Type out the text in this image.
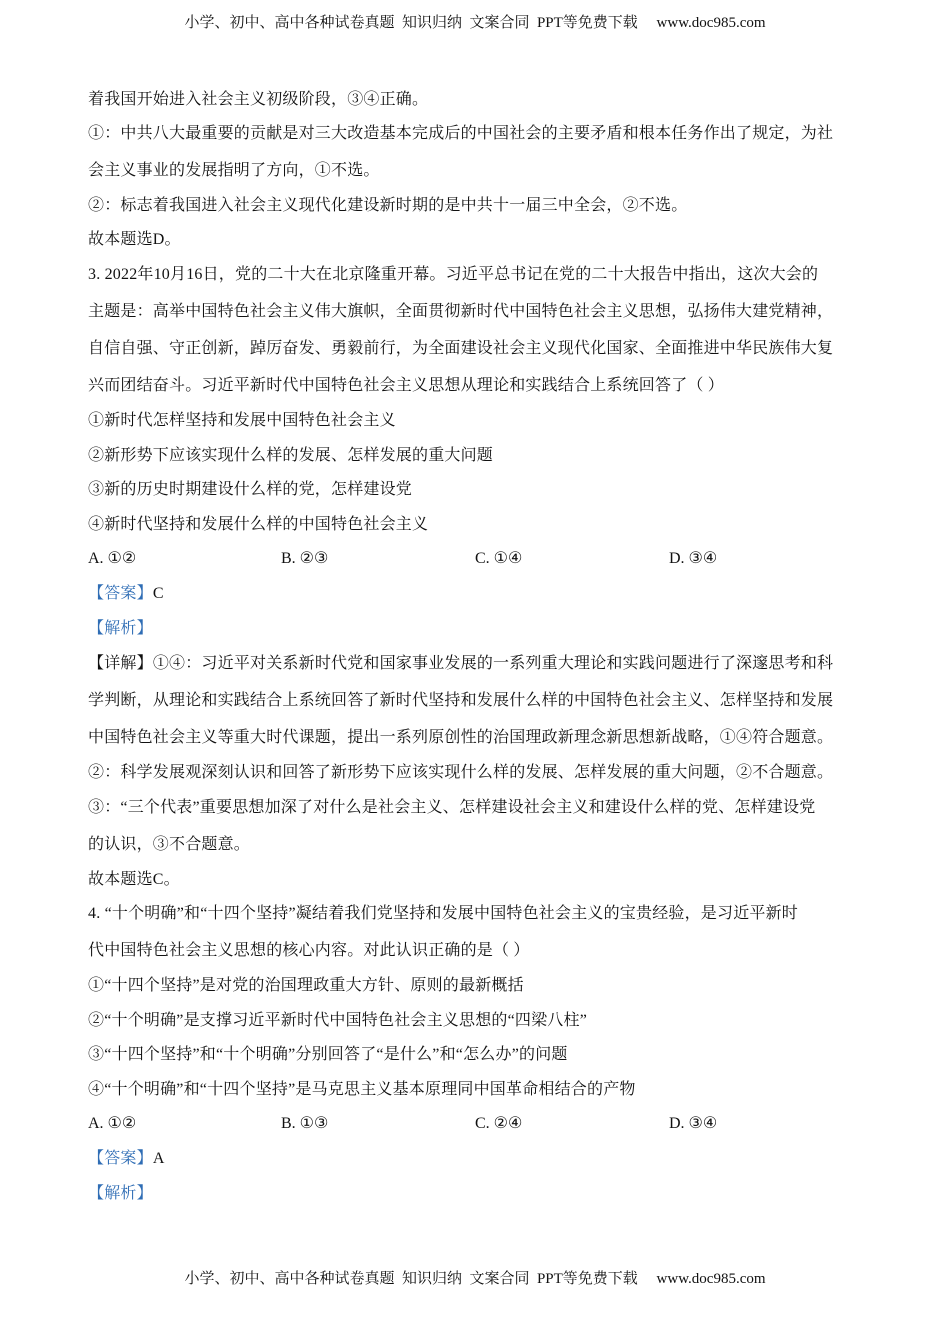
小学、初中、高中各种试卷真题  知识归纳  文案合同  PPT等免费下载     www.doc985.com
着我国开始进入社会主义初级阶段，③④正确。
①：中共八大最重要的贡献是对三大改造基本完成后的中国社会的主要矛盾和根本任务作出了规定，为社
会主义事业的发展指明了方向，①不选。
②：标志着我国进入社会主义现代化建设新时期的是中共十一届三中全会，②不选。
故本题选D。
3. 2022年10月16日，党的二十大在北京隆重开幕。习近平总书记在党的二十大报告中指出，这次大会的
主题是：高举中国特色社会主义伟大旗帜，全面贯彻新时代中国特色社会主义思想，弘扬伟大建党精神，
自信自强、守正创新，踔厉奋发、勇毅前行，为全面建设社会主义现代化国家、全面推进中华民族伟大复
兴而团结奋斗。习近平新时代中国特色社会主义思想从理论和实践结合上系统回答了（ ）
①新时代怎样坚持和发展中国特色社会主义
②新形势下应该实现什么样的发展、怎样发展的重大问题
③新的历史时期建设什么样的党，怎样建设党
④新时代坚持和发展什么样的中国特色社会主义
A. ①②	B. ②③	C. ①④	D. ③④
【答案】C
【解析】
【详解】①④：习近平对关系新时代党和国家事业发展的一系列重大理论和实践问题进行了深邃思考和科
学判断，从理论和实践结合上系统回答了新时代坚持和发展什么样的中国特色社会主义、怎样坚持和发展
中国特色社会主义等重大时代课题，提出一系列原创性的治国理政新理念新思想新战略，①④符合题意。
②：科学发展观深刻认识和回答了新形势下应该实现什么样的发展、怎样发展的重大问题，②不合题意。
③：“三个代表”重要思想加深了对什么是社会主义、怎样建设社会主义和建设什么样的党、怎样建设党
的认识，③不合题意。
故本题选C。
4. “十个明确”和“十四个坚持”凝结着我们党坚持和发展中国特色社会主义的宝贵经验，是习近平新时
代中国特色社会主义思想的核心内容。对此认识正确的是（ ）
①“十四个坚持”是对党的治国理政重大方针、原则的最新概括
②“十个明确”是支撑习近平新时代中国特色社会主义思想的“四梁八柱”
③“十四个坚持”和“十个明确”分别回答了“是什么”和“怎么办”的问题
④“十个明确”和“十四个坚持”是马克思主义基本原理同中国革命相结合的产物
A. ①②	B. ①③	C. ②④	D. ③④
【答案】A
【解析】
小学、初中、高中各种试卷真题  知识归纳  文案合同  PPT等免费下载     www.doc985.com
